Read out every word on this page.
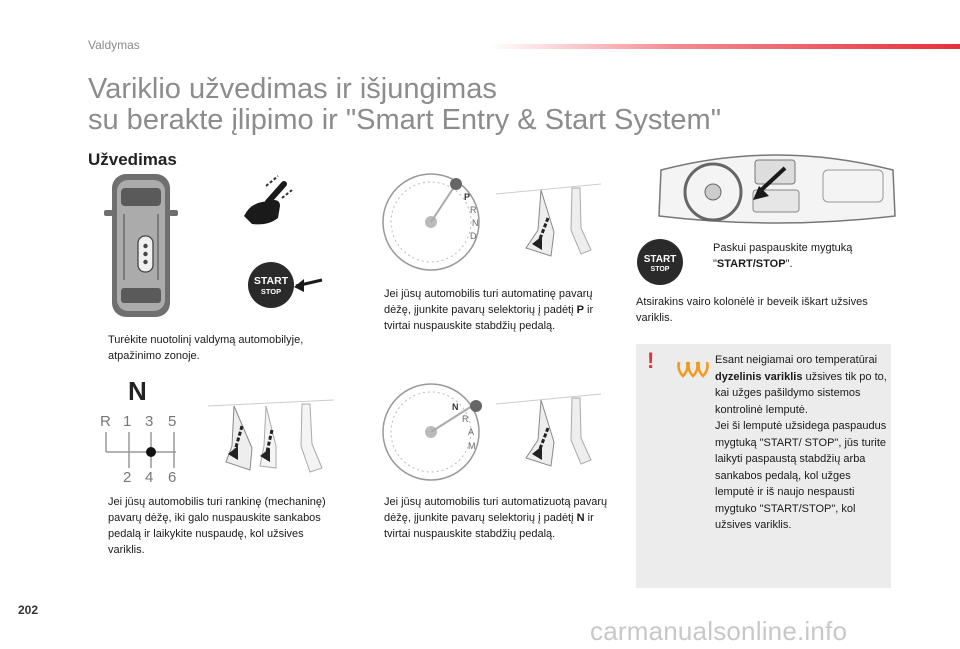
Valdymas
Variklio užvedimas ir išjungimas
su berakte įlipimo ir "Smart Entry & Start System"
Užvedimas
START
STOP
Turėkite nuotolinį valdymą automobilyje, atpažinimo zonoje.
P
R
N
D
Jei jūsų automobilis turi automatinę pavarų dėžę, įjunkite pavarų selektorių į padėtį P ir tvirtai nuspauskite stabdžių pedalą.
START
STOP
Paskui paspauskite mygtuką "START/STOP".
Atsirakins vairo kolonėlė ir beveik iškart užsives variklis.
!	Esant neigiamai oro temperatūrai dyzelinis variklis užsives tik po to, kai užges pašildymo sistemos kontrolinė lemputė.
Jei ši lemputė užsidega paspaudus mygtuką "START/ STOP", jūs turite laikyti paspaustą stabdžių arba sankabos pedalą, kol užges lemputė ir iš naujo nespausti mygtuko "START/STOP", kol užsives variklis.
N
R 1 3 5
2 4 6
Jei jūsų automobilis turi rankinę (mechaninę) pavarų dėžę, iki galo nuspauskite sankabos pedalą ir laikykite nuspaudę, kol užsives variklis.
N
R
A
M
Jei jūsų automobilis turi automatizuotą pavarų dėžę, įjunkite pavarų selektorių į padėtį N ir tvirtai nuspauskite stabdžių pedalą.
202
carmanualsonline.info
